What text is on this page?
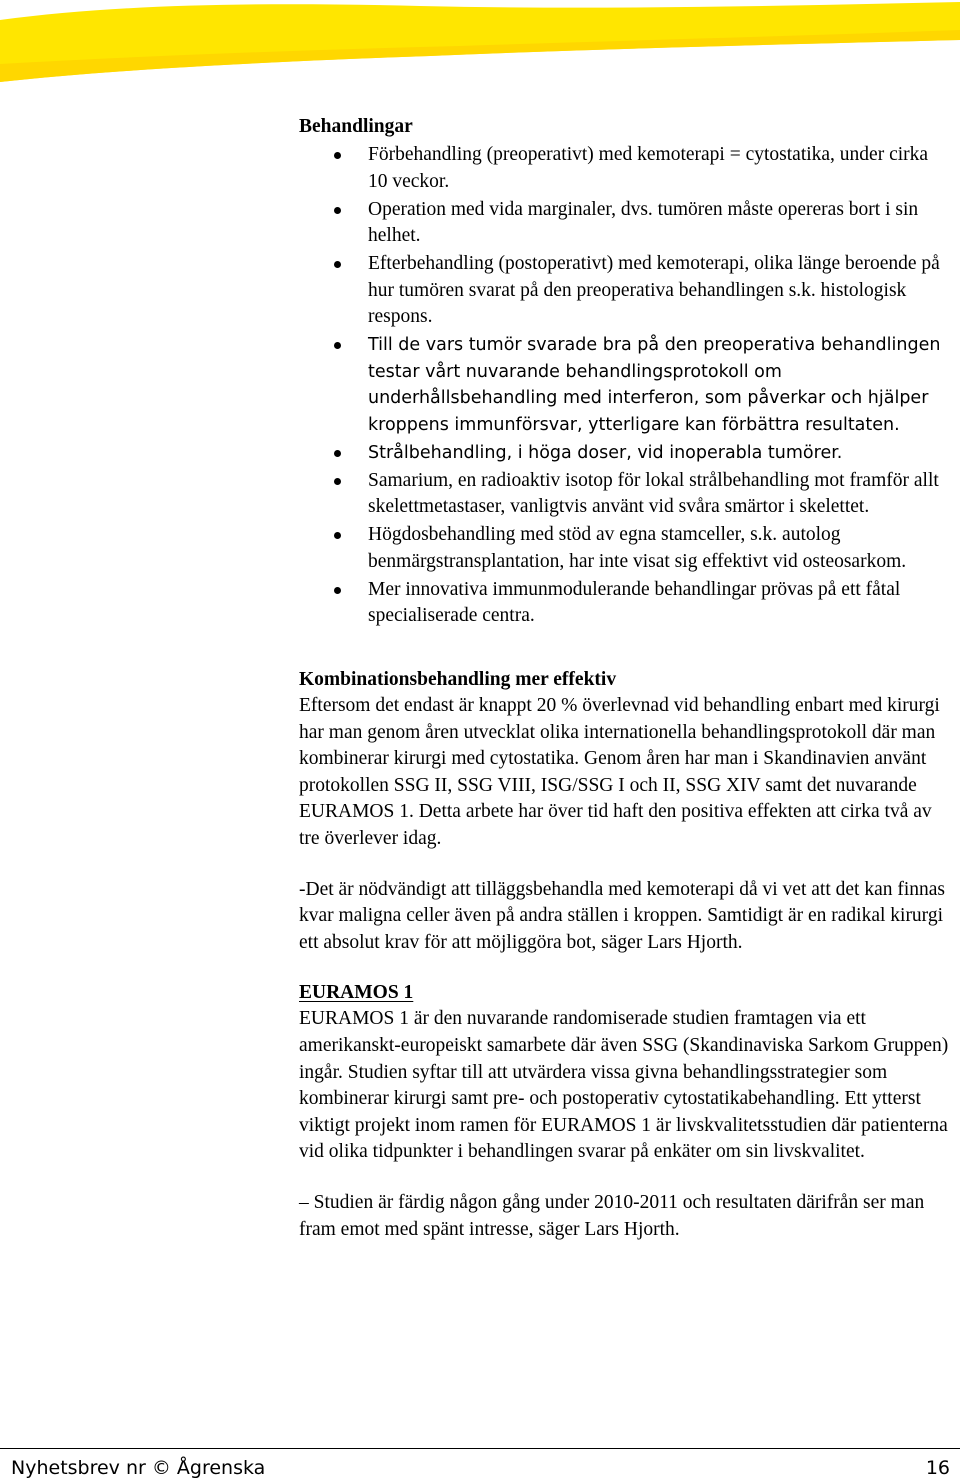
Behandlingar

Förbehandling (preoperativt) med kemoterapi = cytostatika, under cirka 10 veckor.
Operation med vida marginaler, dvs. tumören måste opereras bort i sin helhet.
Efterbehandling (postoperativt) med kemoterapi, olika länge beroende på hur tumören svarat på den preoperativa behandlingen s.k. histologisk respons.
Till de vars tumör svarade bra på den preoperativa behandlingen testar vårt nuvarande behandlingsprotokoll om underhållsbehandling med interferon, som påverkar och hjälper kroppens immunförsvar, ytterligare kan förbättra resultaten.
Strålbehandling, i höga doser, vid inoperabla tumörer.
Samarium, en radioaktiv isotop för lokal strålbehandling mot framför allt skelettmetastaser, vanligtvis använt vid svåra smärtor i skelettet.
Högdosbehandling med stöd av egna stamceller, s.k. autolog benmärgstransplantation, har inte visat sig effektivt vid osteosarkom.
Mer innovativa immunmodulerande behandlingar prövas på ett fåtal specialiserade centra.

Kombinationsbehandling mer effektiv

Eftersom det endast är knappt 20 % överlevnad vid behandling enbart med kirurgi har man genom åren utvecklat olika internationella behandlingsprotokoll där man kombinerar kirurgi med cytostatika. Genom åren har man i Skandinavien använt protokollen SSG II, SSG VIII, ISG/SSG I och II, SSG XIV samt det nuvarande EURAMOS 1. Detta arbete har över tid haft den positiva effekten att cirka två av tre överlever idag.

-Det är nödvändigt att tilläggsbehandla med kemoterapi då vi vet att det kan finnas kvar maligna celler även på andra ställen i kroppen. Samtidigt är en radikal kirurgi ett absolut krav för att möjliggöra bot, säger Lars Hjorth.

EURAMOS 1

EURAMOS 1 är den nuvarande randomiserade studien framtagen via ett amerikanskt-europeiskt samarbete där även SSG (Skandinaviska Sarkom Gruppen) ingår. Studien syftar till att utvärdera vissa givna behandlingsstrategier som kombinerar kirurgi samt pre- och postoperativ cytostatikabehandling. Ett ytterst viktigt projekt inom ramen för EURAMOS 1 är livskvalitetsstudien där patienterna vid olika tidpunkter i behandlingen svarar på enkäter om sin livskvalitet.

– Studien är färdig någon gång under 2010-2011 och resultaten därifrån ser man fram emot med spänt intresse, säger Lars Hjorth.

Nyhetsbrev nr © Ågrenska	16
